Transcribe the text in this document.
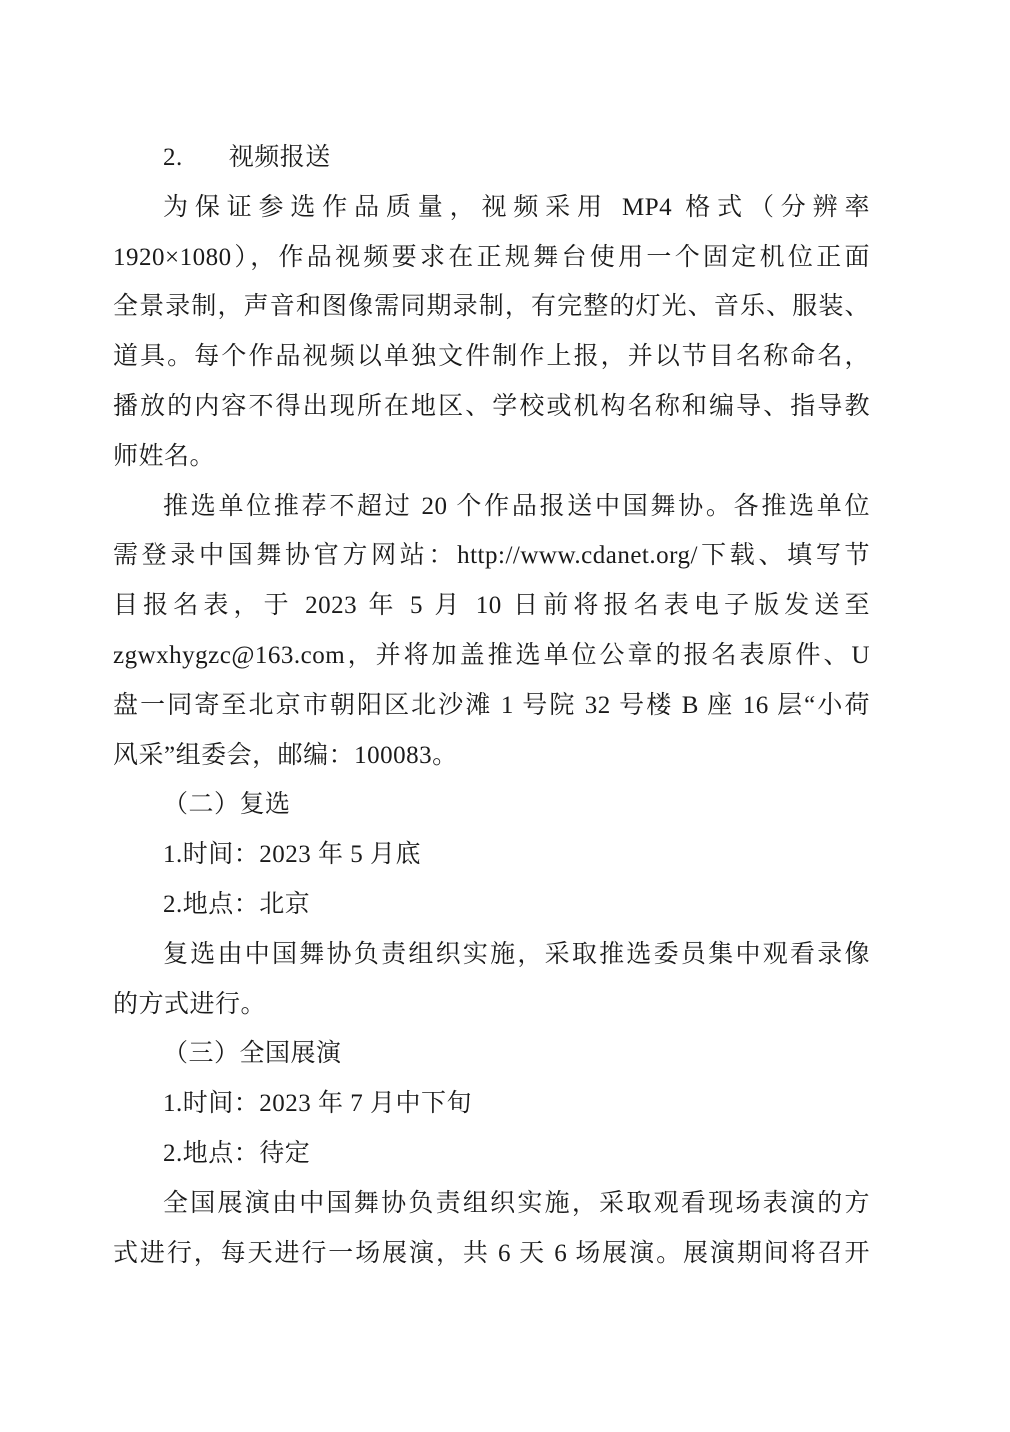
2. 视频报送
为保证参选作品质量，视频采用 MP4 格式（分辨率
1920×1080），作品视频要求在正规舞台使用一个固定机位正面
全景录制，声音和图像需同期录制，有完整的灯光、音乐、服装、
道具。每个作品视频以单独文件制作上报，并以节目名称命名，
播放的内容不得出现所在地区、学校或机构名称和编导、指导教
师姓名。
推选单位推荐不超过 20 个作品报送中国舞协。各推选单位
需登录中国舞协官方网站：http://www.cdanet.org/下载、填写节
目报名表，于 2023 年 5 月 10 日前将报名表电子版发送至
zgwxhygzc@163.com，并将加盖推选单位公章的报名表原件、U
盘一同寄至北京市朝阳区北沙滩 1 号院 32 号楼 B 座 16 层“小荷
风采”组委会，邮编：100083。
（二）复选
1.时间：2023 年 5 月底
2.地点：北京
复选由中国舞协负责组织实施，采取推选委员集中观看录像
的方式进行。
（三）全国展演
1.时间：2023 年 7 月中下旬
2.地点：待定
全国展演由中国舞协负责组织实施，采取观看现场表演的方
式进行，每天进行一场展演，共 6 天 6 场展演。展演期间将召开
